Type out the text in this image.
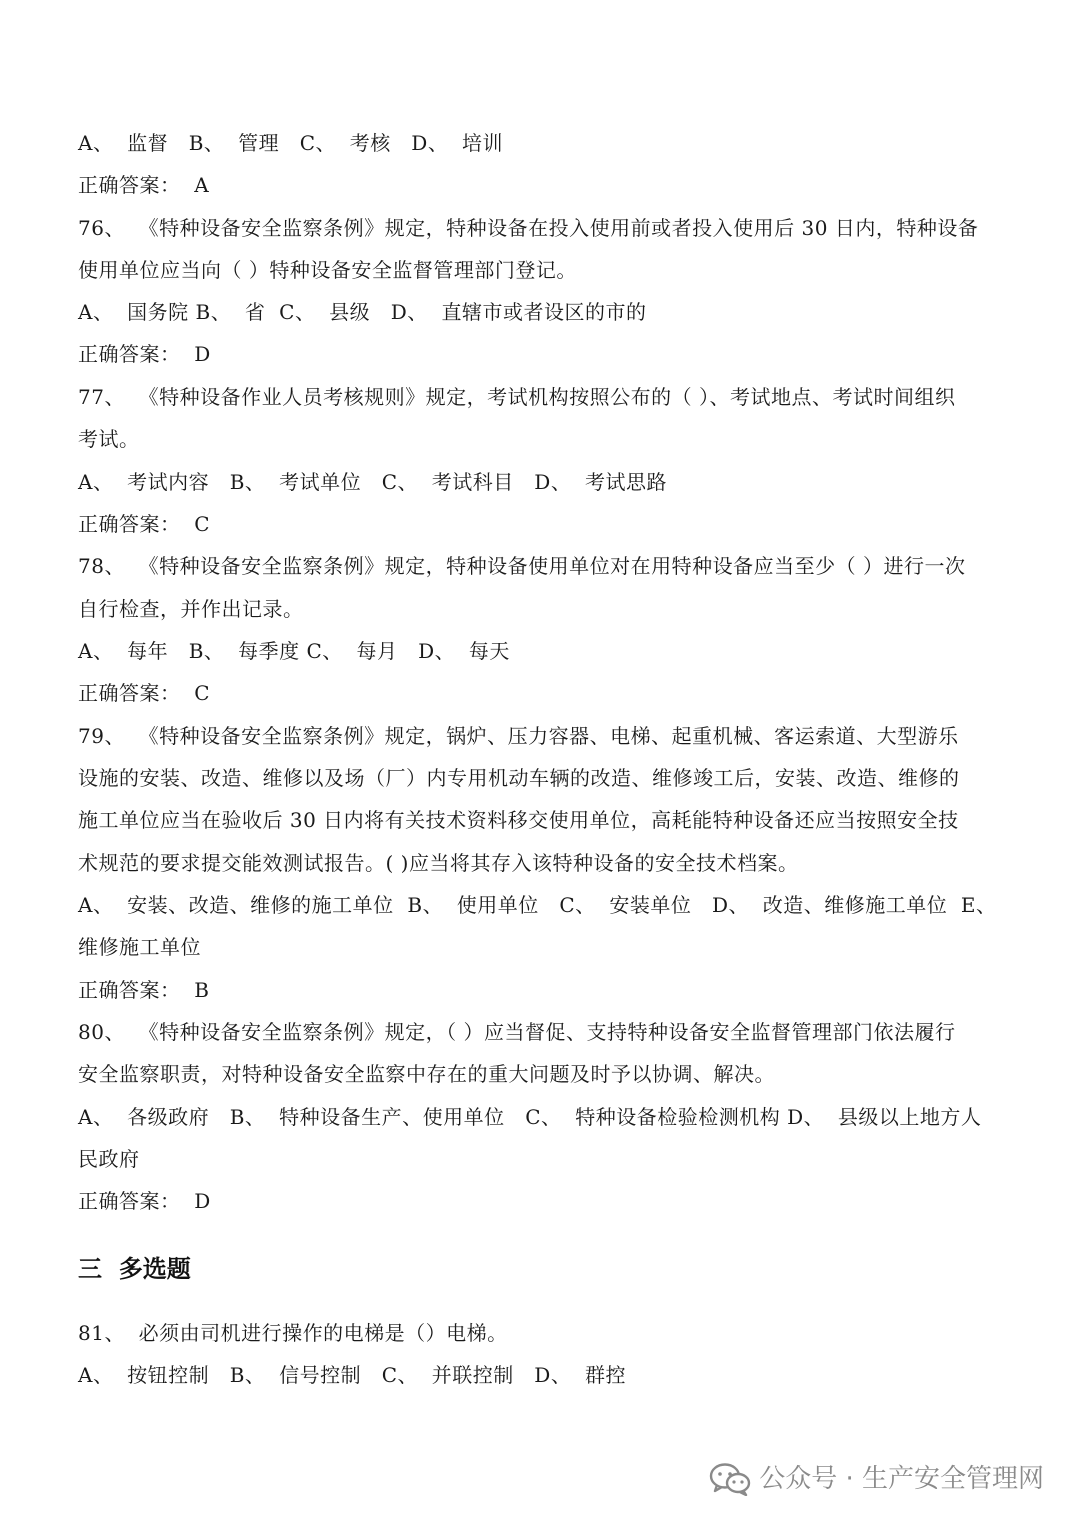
A、  监督   B、  管理   C、  考核   D、  培训
正确答案：  A
76、  《特种设备安全监察条例》规定，特种设备在投入使用前或者投入使用后 30 日内，特种设备
使用单位应当向（ ）特种设备安全监督管理部门登记。
A、  国务院 B、  省  C、  县级   D、  直辖市或者设区的市的
正确答案：  D
77、  《特种设备作业人员考核规则》规定，考试机构按照公布的（ ）、考试地点、考试时间组织
考试。
A、  考试内容   B、  考试单位   C、  考试科目   D、  考试思路
正确答案：  C
78、  《特种设备安全监察条例》规定，特种设备使用单位对在用特种设备应当至少（ ）进行一次
自行检查，并作出记录。
A、  每年   B、  每季度 C、  每月   D、  每天
正确答案：  C
79、  《特种设备安全监察条例》规定，锅炉、压力容器、电梯、起重机械、客运索道、大型游乐
设施的安装、改造、维修以及场（厂）内专用机动车辆的改造、维修竣工后，安装、改造、维修的
施工单位应当在验收后 30 日内将有关技术资料移交使用单位，高耗能特种设备还应当按照安全技
术规范的要求提交能效测试报告。( )应当将其存入该特种设备的安全技术档案。
A、  安装、改造、维修的施工单位  B、  使用单位   C、  安装单位   D、  改造、维修施工单位  E、
维修施工单位
正确答案：  B
80、  《特种设备安全监察条例》规定，（ ）应当督促、支持特种设备安全监督管理部门依法履行
安全监察职责，对特种设备安全监察中存在的重大问题及时予以协调、解决。
A、  各级政府   B、  特种设备生产、使用单位   C、  特种设备检验检测机构 D、  县级以上地方人
民政府
正确答案：  D
三  多选题
81、  必须由司机进行操作的电梯是（）电梯。
A、  按钮控制   B、  信号控制   C、  并联控制   D、  群控
公众号 · 生产安全管理网
